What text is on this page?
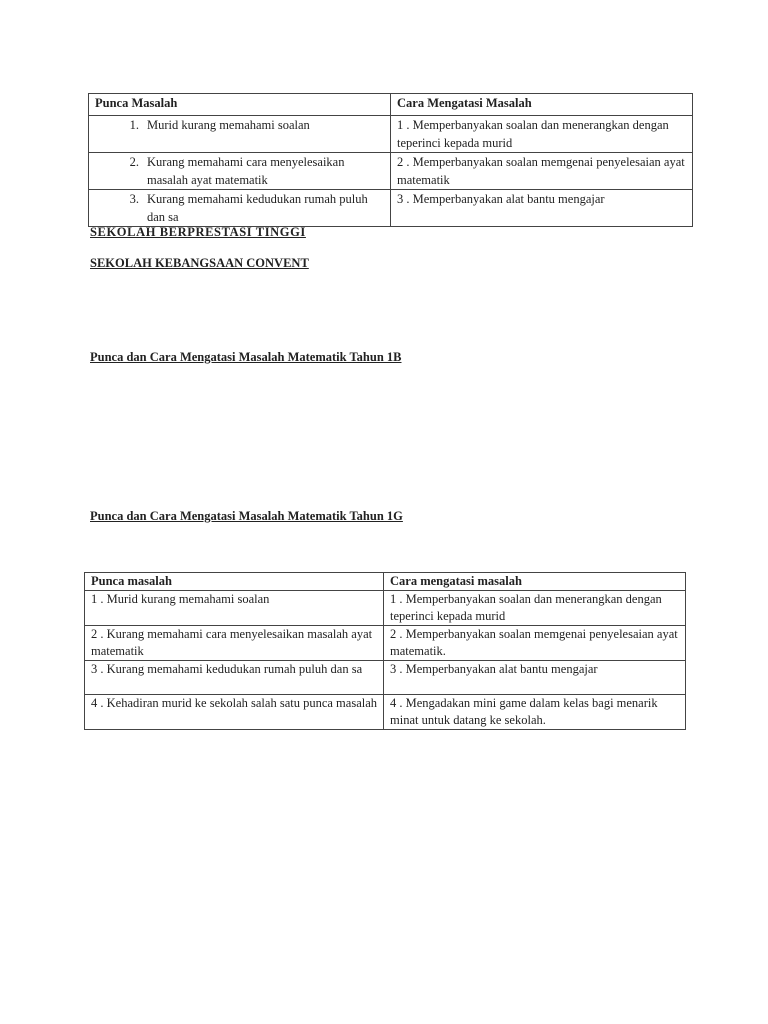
Punca Masalah	Cara Mengatasi Masalah

1. Murid kurang memahami soalan	1 . Memperbanyakan soalan dan menerangkan dengan teperinci kepada murid

2. Kurang memahami cara menyelesaikan masalah ayat matematik	2 . Memperbanyakan soalan memgenai penyelesaian ayat matematik

3. Kurang memahami kedudukan rumah puluh dan sa	3 . Memperbanyakan alat bantu mengajar

SEKOLAH BERPRESTASI TINGGI

SEKOLAH KEBANGSAAN CONVENT

Punca dan Cara Mengatasi Masalah Matematik Tahun 1B

Punca dan Cara Mengatasi Masalah Matematik Tahun 1G

Punca masalah	Cara mengatasi masalah
1 . Murid kurang memahami soalan	1 . Memperbanyakan soalan dan menerangkan dengan teperinci kepada murid
2 . Kurang memahami cara menyelesaikan masalah ayat matematik	2 . Memperbanyakan soalan memgenai penyelesaian ayat matematik.
3 . Kurang memahami kedudukan rumah puluh dan sa	3 . Memperbanyakan alat bantu mengajar
4 . Kehadiran murid ke sekolah salah satu punca masalah	4 . Mengadakan mini game dalam kelas bagi menarik minat untuk datang ke sekolah.
